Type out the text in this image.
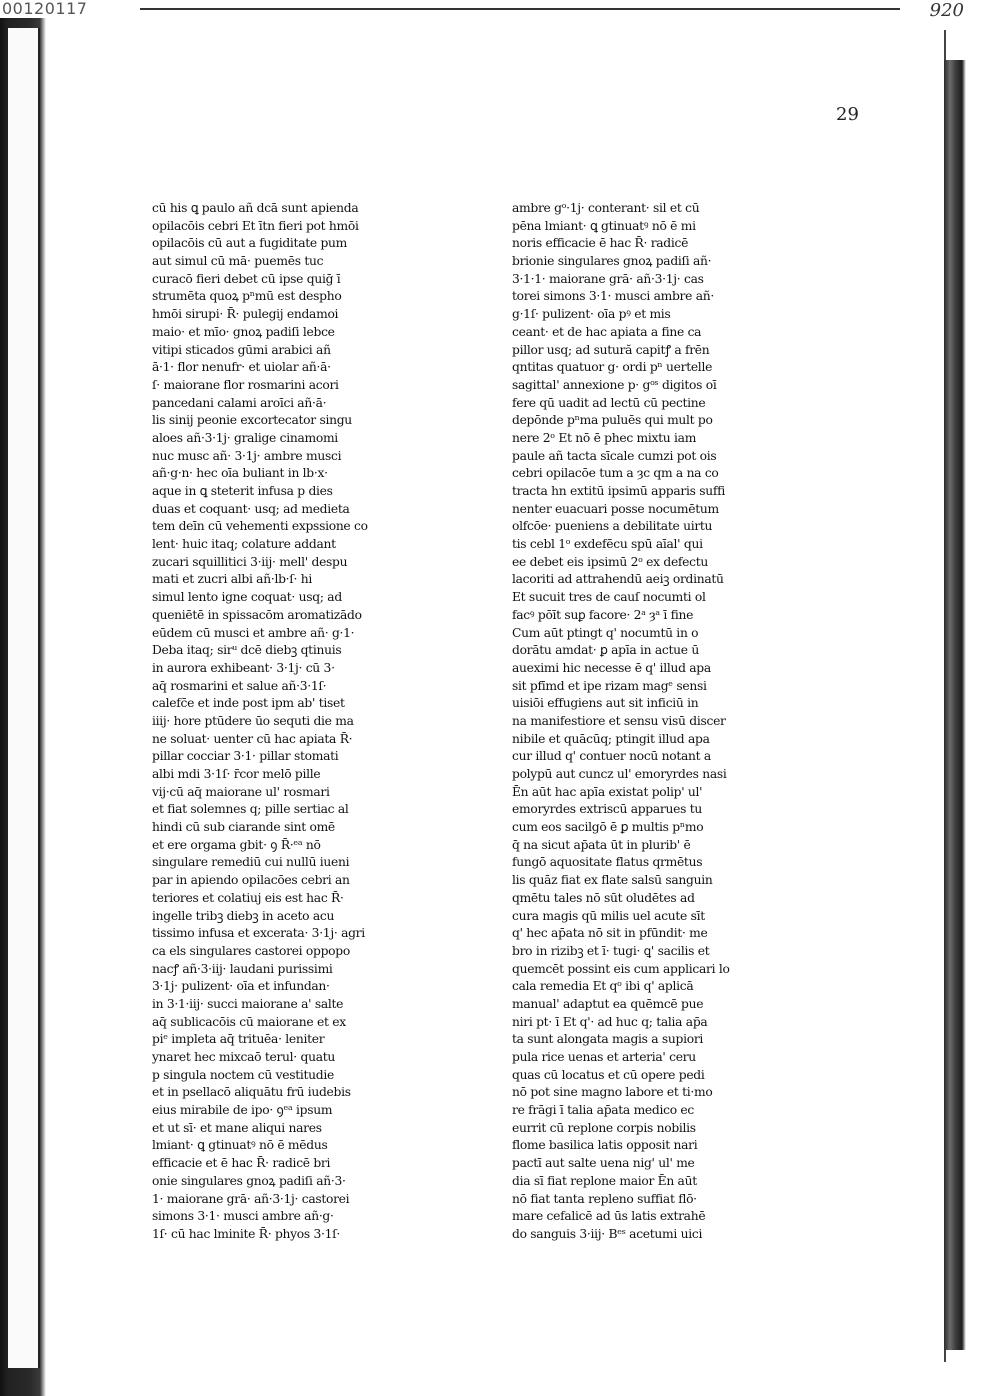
00120117	920
29
cū his ꝗ paulo añ dcā sunt apienda
opilacōis cebri Et ītn fieri pot hmōi
opilacōis cū aut a fugiditate pum
aut simul cū mā· puemēs tuc
curacō fieri debet cū ipse quiḡ ī
strumēta quoꝝ pⁿmū est despho
hmōi sirupi· R̄· pulegij endamoi
maio· et mīo· gnoꝝ padiſi lebce
vitipi sticados gūmi arabici añ
ā·1· flor nenufr· et uiolar añ·ā·
ſ· maiorane flor rosmarini acori
pancedani calami aroīci añ·ā·
lis sinij peonie excortecator singu
aloes añ·3·1j· gralige cinamomi
nuc musc añ· 3·1j· ambre musci
añ·g·n· hec oīa buliant in lb·x·
aque in ꝗ steterit infusa p dies
duas et coquant· usq; ad medieta
tem deīn cū vehementi expssione co
lent· huic itaq; colature addant
zucari squillitici 3·iij· mell' despu
mati et zucri albi añ·lb·ſ· hi
simul lento igne coquat· usq; ad
queniētē in spissacōm aromatizādo
eūdem cū musci et ambre añ· g·1·
Deba itaq; sirᵘ dcē diebꝫ qtinuis
in aurora exhibeant· 3·1j· cū 3·
aq̄ rosmarini et salue añ·3·1ſ·
calefc̄e et inde post ipm ab' tiset
iiij· hore ptūdere ūo sequti die ma
ne soluat· uenter cū hac apiata R̄·
pillar cocciar 3·1· pillar stomati
albi mdi 3·1ſ· r̄cor melō pille
vij·cū aq̄ maiorane ul' rosmari
et fiat solemnes q; pille sertiac al
hindi cū sub ciarande sint omē
et ere orgama gbit· ꝯ R̄·ᵉᵃ nō
singulare remediū cui nullū iueni
par in apiendo opilacōes cebri an
teriores et colatiuj eis est hac R̄·
ingelle tribꝫ diebꝫ in aceto acu
tissimo infusa et excerata· 3·1j· agri
ca els singulares castorei oppopo
nacꝭ añ·3·iij· laudani purissimi
3·1j· pulizent· oīa et infundan·
in 3·1·iij· succi maiorane a' salte
aq̄ sublicacōis cū maiorane et ex
piᵉ impleta aq̄ trituēa· leniter
ynaret hec mixcaō terul· quatu
p singula noctem cū vestitudie
et in psellacō aliquātu frū iudebis
eius mirabile de ipo· ꝯᵉᵃ ipsum
et ut sī· et mane aliqui nares
lmiant· ꝗ gtinuatꝰ nō ē mēdus
efficacie et ē hac R̄· radicē bri
onie singulares gnoꝝ padiſi añ·3·
1· maiorane grā· añ·3·1j· castorei
simons 3·1· musci ambre añ·g·
1ſ· cū hac lminite R̄· phyos 3·1ſ·
ambre gᵒ·1j· conterant· sil et cū
pēna lmiant· ꝗ gtinuatꝰ nō ē mi
noris efficacie ē hac R̄· radicē
brionie singulares gnoꝝ padiſi añ·
3·1·1· maiorane grā· añ·3·1j· cas
torei simons 3·1· musci ambre añ·
g·1ſ· pulizent· oīa pꝰ et mis
ceant· et de hac apiata a fine ca
pillor usq; ad sutură capitꝭ a frēn
qntitas quatuor g· ordi pⁿ uertelle
sagittal' annexione p· gᵒˢ digitos oī
fere qū uadit ad lectū cū pectine
depōnde pⁿma puluēs qui mult po
nere 2ᵒ Et nō ē phec mixtu iam
paule añ tacta sīcale cumzi pot ois
cebri opilacōe tum a ȝc qm a na co
tracta hn extitū ipsimū apparis suffi
nenter euacuari posse nocumētum
olfcōe· pueniens a debilitate uirtu
tis cebl 1ᵒ exdefēcu spū aīal' qui
ee debet eis ipsimū 2ᵒ ex defectu
lacoriti ad attrahendū aeiꝫ ordinatū
Et sucuit tres de cauſ nocumti ol
facꝰ pōīt suꝑ facore· 2ᵃ ȝᵃ ī fine
Cum aūt ptingt q' nocumtū in o
dorātu amdat· ꝑ apīa in actue ū
aueximi hic necesse ē q' illud apa
sit pfīmd et ipe rizam magᵉ sensi
uisiōi effugiens aut sit inficiū in
na manifestiore et sensu visū discer
nibile et quācūq; ptingit illud apa
cur illud q' contuer nocū notant a
polypū aut cuncz ul' emoryrdes nasi
Ēn aūt hac apīa existat polip' ul'
emoryrdes extriscū apparues tu
cum eos sacilgō ē ꝑ multis pⁿmo
q̄ na sicut ap̄ata ūt in plurib' ē
fungō aquositate flatus qrmētus
lis quāz fiat ex flate salsū sanguin
qmētu tales nō sūt oludētes ad
cura magis qū milis uel acute sīt
q' hec ap̄ata nō sit in pfūndit· me
bro in rizibꝫ et ī· tugi· ꝗ' sacilis et
quemcēt possint eis cum applicari lo
cala remedia Et qᵒ ibi q' aplicā
manual' adaptut ea quēmcē pue
niri pt· ī Et q'· ad huc q; talia ap̄a
ta sunt alongata magis a supiori
pula rice uenas et arteria' ceru
quas cū locatus et cū opere pedi
nō pot sine magno labore et ti·mo
re frāgi ī talia ap̄ata medico ec
eurrit cū replone corpis nobilis
flome basilica latis opposit nari
pactī aut salte uena nig' ul' me
dia sī fiat replone maior Ēn aūt
nō fiat tanta repleno suffiat flō·
mare cefalicē ad ūs latis extrahē
do sanguis 3·iij· Bᵉˢ acetumi uici
